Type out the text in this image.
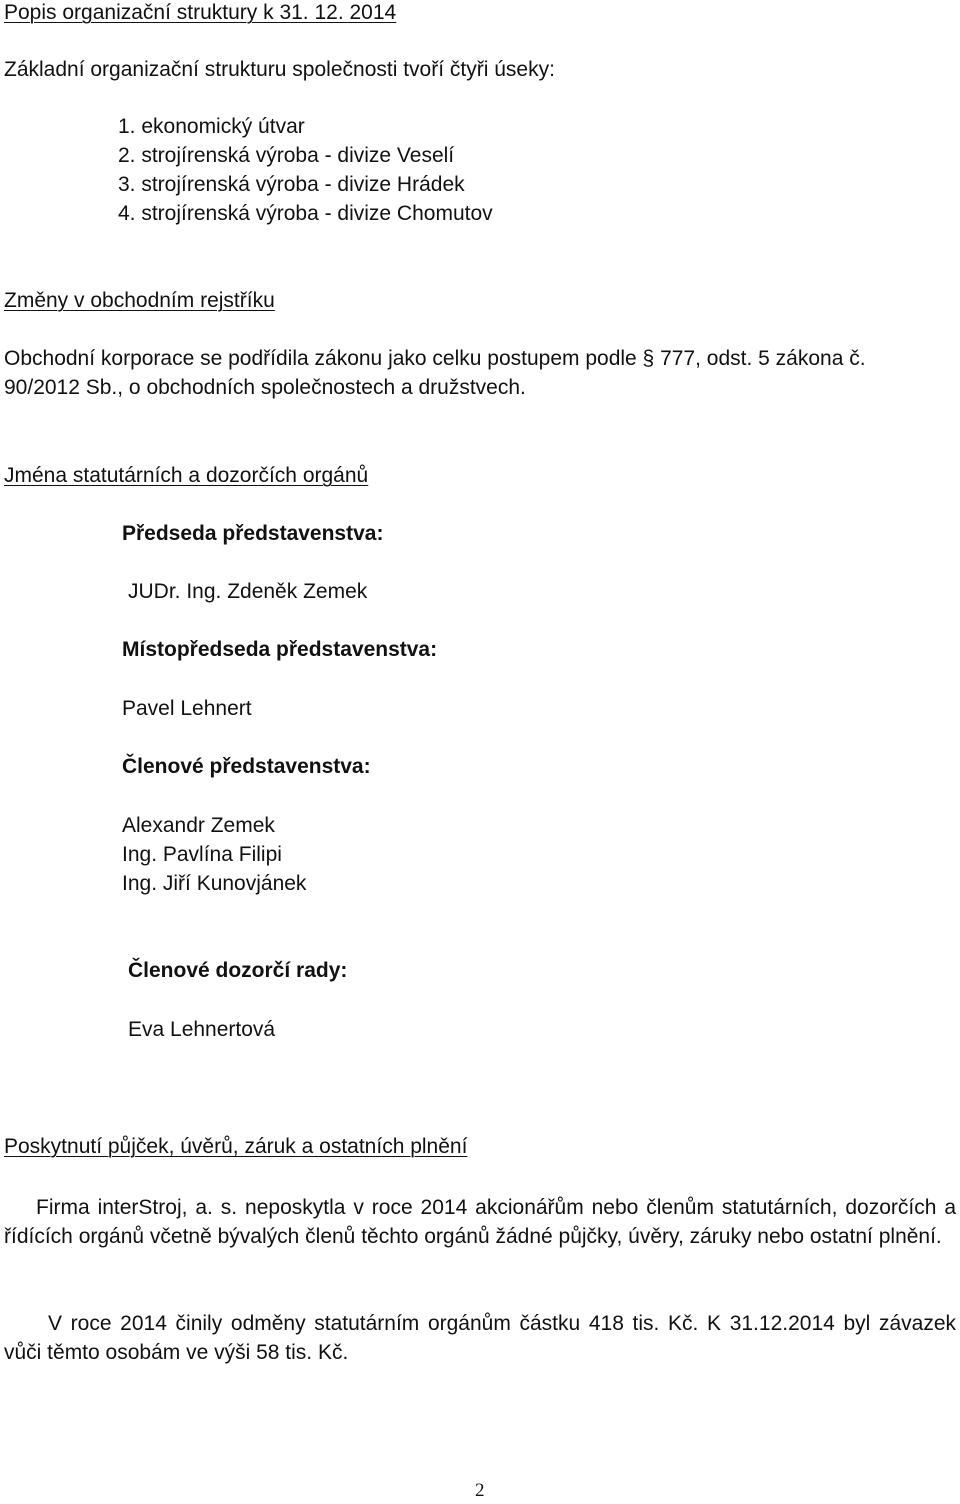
Popis organizační struktury k 31. 12. 2014
Základní organizační strukturu společnosti tvoří čtyři úseky:
1. ekonomický útvar
2. strojírenská výroba - divize Veselí
3. strojírenská výroba - divize Hrádek
4. strojírenská výroba - divize Chomutov
Změny v obchodním rejstříku
Obchodní korporace se podřídila zákonu jako celku postupem podle § 777, odst. 5 zákona č.
90/2012 Sb., o obchodních společnostech a družstvech.
Jména statutárních a dozorčích orgánů
Předseda představenstva:
JUDr. Ing. Zdeněk Zemek
Místopředseda představenstva:
Pavel Lehnert
Členové představenstva:
Alexandr Zemek
Ing. Pavlína Filipi
Ing. Jiří Kunovjánek
Členové dozorčí rady:
Eva Lehnertová
Poskytnutí půjček, úvěrů, záruk a ostatních plnění
Firma interStroj, a. s. neposkytla v roce 2014 akcionářům nebo členům statutárních, dozorčích a řídících orgánů včetně bývalých členů těchto orgánů žádné půjčky, úvěry, záruky nebo ostatní plnění.
V roce 2014 činily odměny statutárním orgánům částku 418 tis. Kč. K 31.12.2014 byl závazek vůči těmto osobám ve výši 58 tis. Kč.
2
